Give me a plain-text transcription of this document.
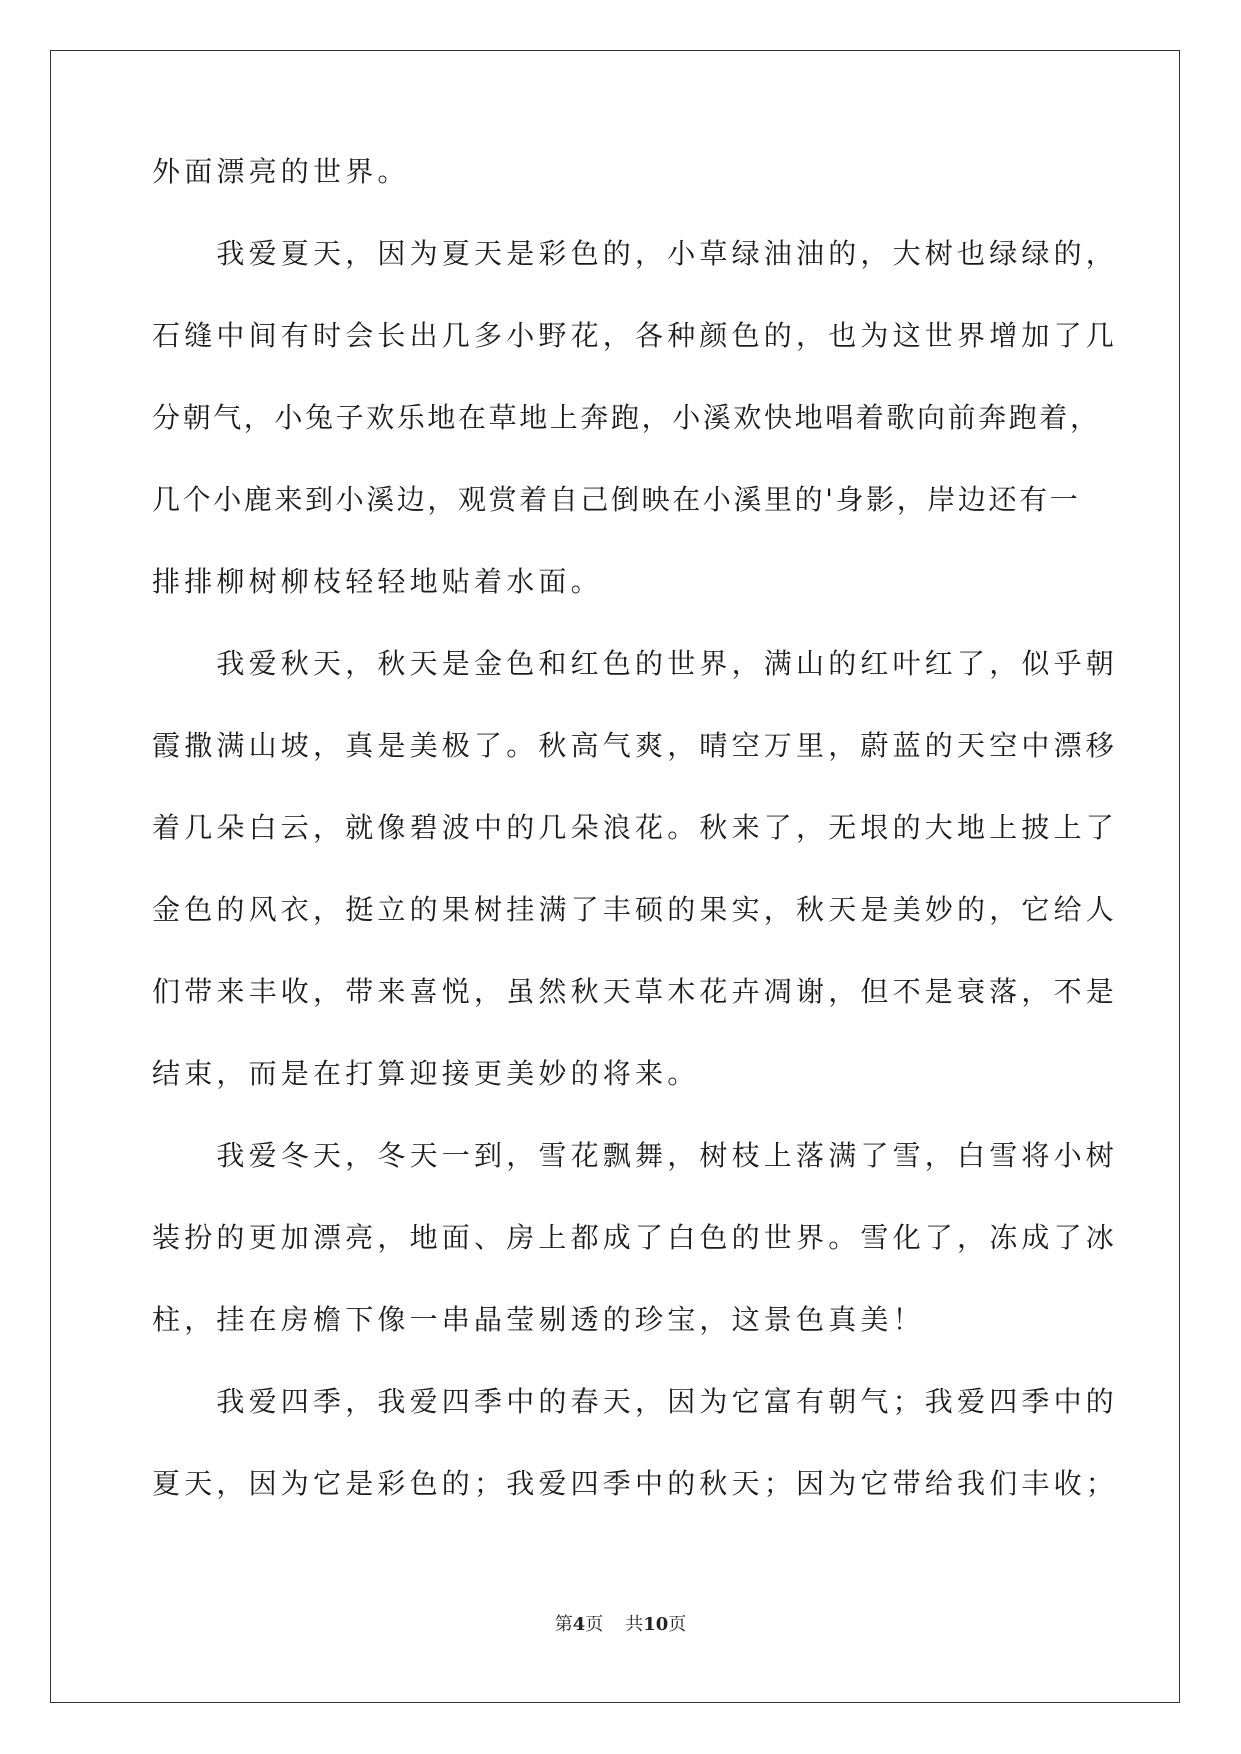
外面漂亮的世界。
　　我爱夏天，因为夏天是彩色的，小草绿油油的，大树也绿绿的，
石缝中间有时会长出几多小野花，各种颜色的，也为这世界增加了几
分朝气，小兔子欢乐地在草地上奔跑，小溪欢快地唱着歌向前奔跑着，
几个小鹿来到小溪边，观赏着自己倒映在小溪里的'身影，岸边还有一
排排柳树柳枝轻轻地贴着水面。
　　我爱秋天，秋天是金色和红色的世界，满山的红叶红了，似乎朝
霞撒满山坡，真是美极了。秋高气爽，晴空万里，蔚蓝的天空中漂移
着几朵白云，就像碧波中的几朵浪花。秋来了，无垠的大地上披上了
金色的风衣，挺立的果树挂满了丰硕的果实，秋天是美妙的，它给人
们带来丰收，带来喜悦，虽然秋天草木花卉凋谢，但不是衰落，不是
结束，而是在打算迎接更美妙的将来。
　　我爱冬天，冬天一到，雪花飘舞，树枝上落满了雪，白雪将小树
装扮的更加漂亮，地面、房上都成了白色的世界。雪化了，冻成了冰
柱，挂在房檐下像一串晶莹剔透的珍宝，这景色真美！
　　我爱四季，我爱四季中的春天，因为它富有朝气；我爱四季中的
夏天，因为它是彩色的；我爱四季中的秋天；因为它带给我们丰收；
第4页 共10页
